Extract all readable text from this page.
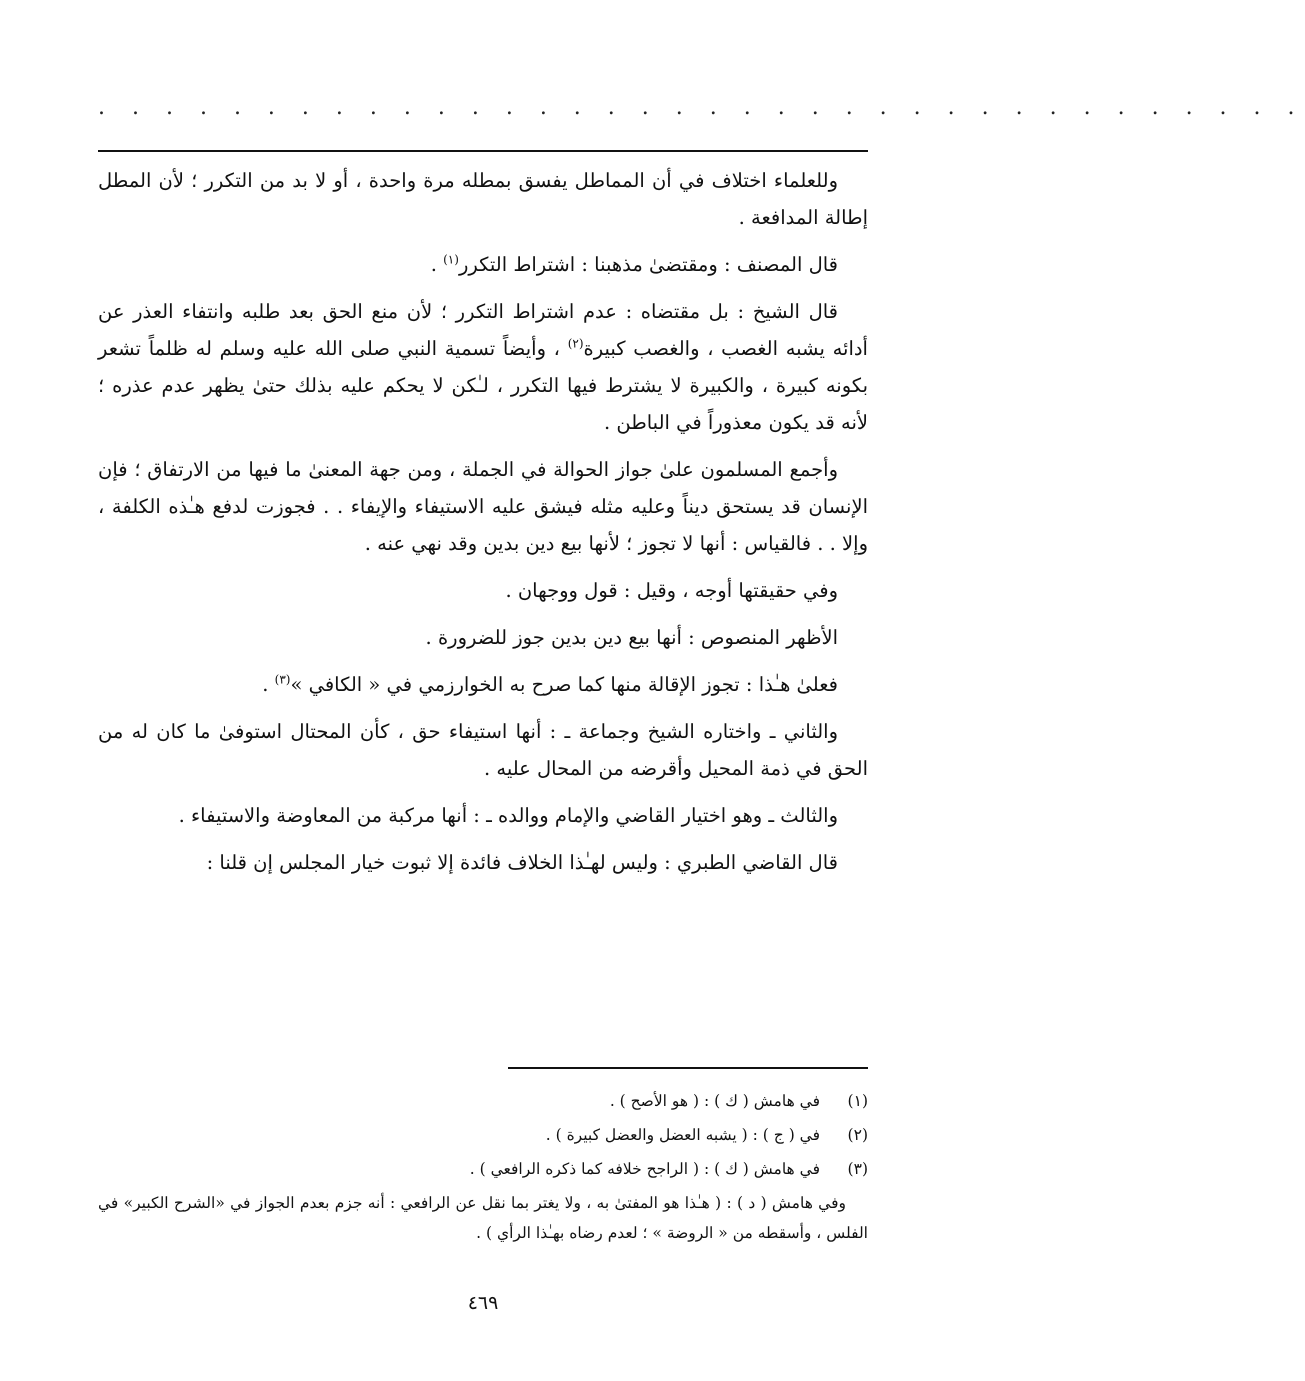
. . . . . . . . . . . . . . . . . . . . . . . . . . . . . . . . . . . .

وللعلماء اختلاف في أن المماطل يفسق بمطله مرة واحدة ، أو لا بد من التكرر ؛ لأن المطل إطالة المدافعة .

قال المصنف : ومقتضىٰ مذهبنا : اشتراط التكرر$^{(١)}$ .

قال الشيخ : بل مقتضاه : عدم اشتراط التكرر ؛ لأن منع الحق بعد طلبه وانتفاء العذر عن أدائه يشبه الغصب ، والغصب كبيرة$^{(٢)}$ ، وأيضاً تسمية النبي صلى الله عليه وسلم له ظلماً تشعر بكونه كبيرة ، والكبيرة لا يشترط فيها التكرر ، لـٰكن لا يحكم عليه بذلك حتىٰ يظهر عدم عذره ؛ لأنه قد يكون معذوراً في الباطن .

وأجمع المسلمون علىٰ جواز الحوالة في الجملة ، ومن جهة المعنىٰ ما فيها من الارتفاق ؛ فإن الإنسان قد يستحق ديناً وعليه مثله فيشق عليه الاستيفاء والإيفاء . . فجوزت لدفع هـٰذه الكلفة ، وإلا . . فالقياس : أنها لا تجوز ؛ لأنها بيع دين بدين وقد نهي عنه .

وفي حقيقتها أوجه ، وقيل : قول ووجهان .

الأظهر المنصوص : أنها بيع دين بدين جوز للضرورة .

فعلىٰ هـٰذا : تجوز الإقالة منها كما صرح به الخوارزمي في « الكافي »$^{(٣)}$ .

والثاني ـ واختاره الشيخ وجماعة ـ : أنها استيفاء حق ، كأن المحتال استوفىٰ ما كان له من الحق في ذمة المحيل وأقرضه من المحال عليه .

والثالث ـ وهو اختيار القاضي والإمام ووالده ـ : أنها مركبة من المعاوضة والاستيفاء .

قال القاضي الطبري : وليس لهـٰذا الخلاف فائدة إلا ثبوت خيار المجلس إن قلنا :

(١)
في هامش ( ك ) : ( هو الأصح ) .
(٢)
في ( ج ) : ( يشبه العضل والعضل كبيرة ) .
(٣)
في هامش ( ك ) : ( الراجح خلافه كما ذكره الرافعي ) .
وفي هامش ( د ) : ( هـٰذا هو المفتىٰ به ، ولا يغتر بما نقل عن الرافعي : أنه جزم بعدم الجواز في «الشرح الكبير» في الفلس ، وأسقطه من « الروضة » ؛ لعدم رضاه بهـٰذا الرأي ) .
٤٦٩
